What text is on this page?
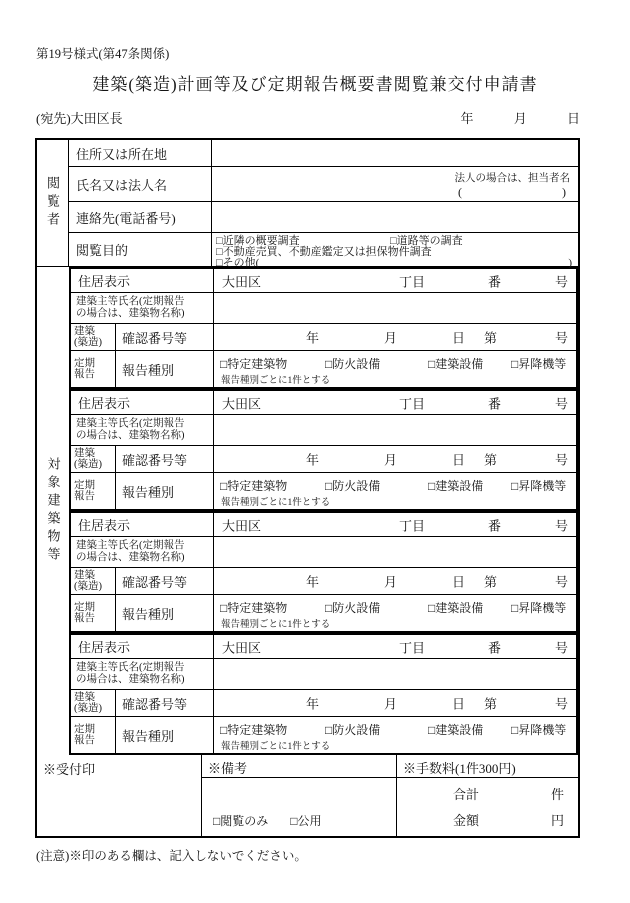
第19号様式(第47条関係)
建築(築造)計画等及び定期報告概要書閲覧兼交付申請書
(宛先)大田区長	年	月	日
閲覧者
住所又は所在地
氏名又は法人名	法人の場合は、担当者名
(	)
連絡先(電話番号)
閲覧目的
□近隣の概要調査	□道路等の調査
□不動産売買、不動産鑑定又は担保物件調査
□その他(	)
対象建築物等
住居表示	大田区	丁目	番	号
建築主等氏名(定期報告
の場合は、建築物名称)
建築
(築造)	確認番号等	年	月	日 第	号
定期
報告	報告種別	□特定建築物	□防火設備	□建築設備 □昇降機等
報告種別ごとに1件とする
住居表示	大田区	丁目	番	号
建築主等氏名(定期報告
の場合は、建築物名称)
建築
(築造)	確認番号等	年	月	日 第	号
定期
報告	報告種別	□特定建築物	□防火設備	□建築設備 □昇降機等
報告種別ごとに1件とする
住居表示	大田区	丁目	番	号
建築主等氏名(定期報告
の場合は、建築物名称)
建築
(築造)	確認番号等	年	月	日 第	号
定期
報告	報告種別	□特定建築物	□防火設備	□建築設備 □昇降機等
報告種別ごとに1件とする
住居表示	大田区	丁目	番	号
建築主等氏名(定期報告
の場合は、建築物名称)
建築
(築造)	確認番号等	年	月	日 第	号
定期
報告	報告種別	□特定建築物	□防火設備	□建築設備 □昇降機等
報告種別ごとに1件とする
※受付印	※備考
□閲覧のみ □公用
※手数料(1件300円)
合計	件
金額	円
(注意)※印のある欄は、記入しないでください。
